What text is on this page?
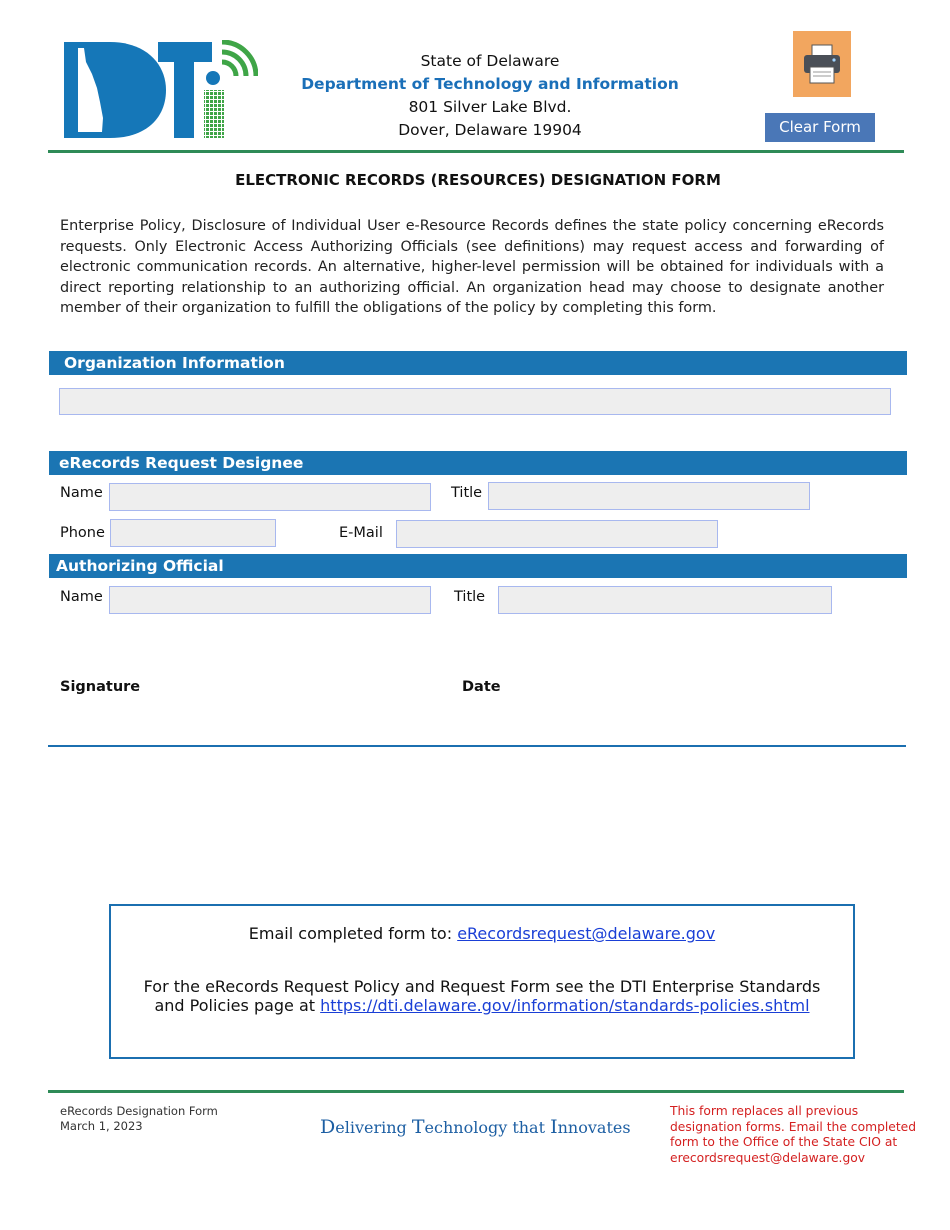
State of Delaware
Department of Technology and Information
801 Silver Lake Blvd.
Dover, Delaware 19904	Clear Form
ELECTRONIC RECORDS (RESOURCES) DESIGNATION FORM
Enterprise Policy, Disclosure of Individual User e-Resource Records defines the state policy concerning eRecords requests. Only Electronic Access Authorizing Officials (see definitions) may request access and forwarding of electronic communication records. An alternative, higher-level permission will be obtained for individuals with a direct reporting relationship to an authorizing official. An organization head may choose to designate another member of their organization to fulfill the obligations of the policy by completing this form.
Organization Information
eRecords Request Designee
Name	Title
Phone	E-Mail
Authorizing Official
Name	Title
Signature	Date
Email completed form to: eRecordsrequest@delaware.gov
For the eRecords Request Policy and Request Form see the DTI Enterprise Standards
and Policies page at https://dti.delaware.gov/information/standards-policies.shtml
eRecords Designation Form
March 1, 2023	Delivering Technology that Innovates
This form replaces all previous designation forms. Email the completed form to the Office of the State CIO at erecordsrequest@delaware.gov
